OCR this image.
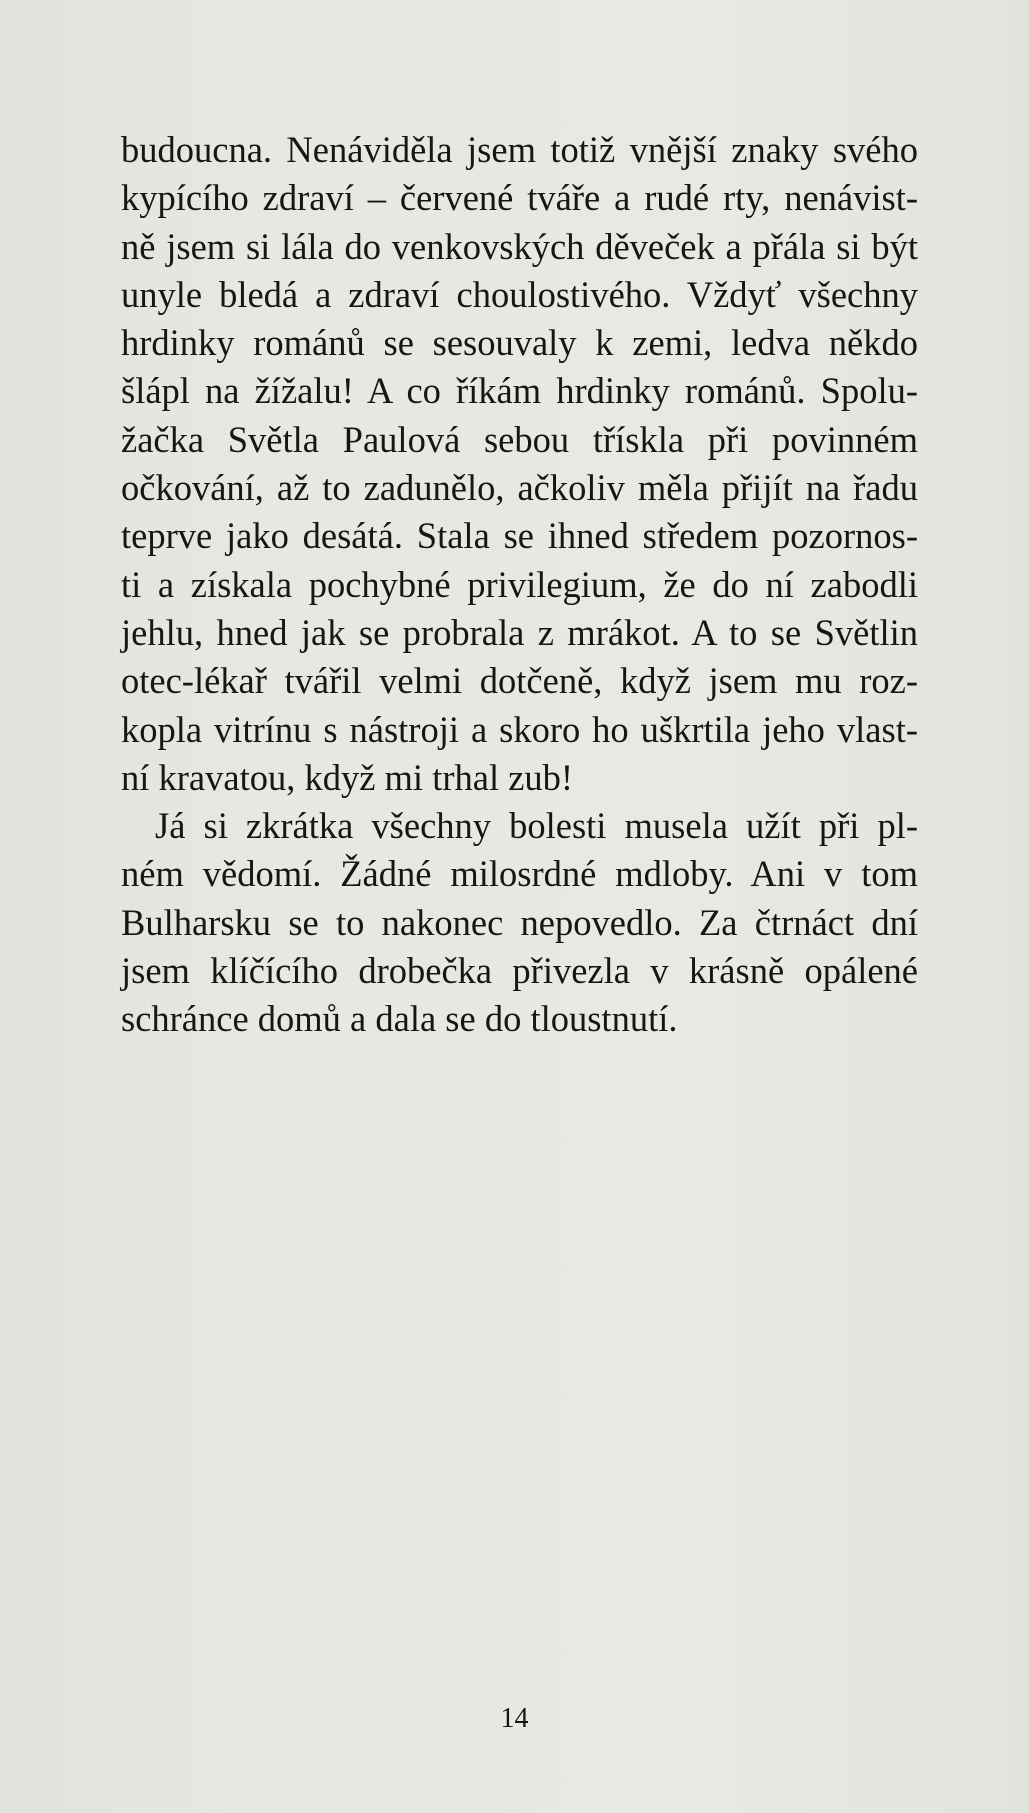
budoucna. Nenáviděla jsem totiž vnější znaky svého
kypícího zdraví – červené tváře a rudé rty, nenávist-
ně jsem si lála do venkovských děveček a přála si být
unyle bledá a zdraví choulostivého. Vždyť všechny
hrdinky románů se sesouvaly k zemi, ledva někdo
šlápl na žížalu! A co říkám hrdinky románů. Spolu-
žačka Světla Paulová sebou třískla při povinném
očkování, až to zadunělo, ačkoliv měla přijít na řadu
teprve jako desátá. Stala se ihned středem pozornos-
ti a získala pochybné privilegium, že do ní zabodli
jehlu, hned jak se probrala z mrákot. A to se Světlin
otec-lékař tvářil velmi dotčeně, když jsem mu roz-
kopla vitrínu s nástroji a skoro ho uškrtila jeho vlast-
ní kravatou, když mi trhal zub!
Já si zkrátka všechny bolesti musela užít při pl-
ném vědomí. Žádné milosrdné mdloby. Ani v tom
Bulharsku se to nakonec nepovedlo. Za čtrnáct dní
jsem klíčícího drobečka přivezla v krásně opálené
schránce domů a dala se do tloustnutí.
14
